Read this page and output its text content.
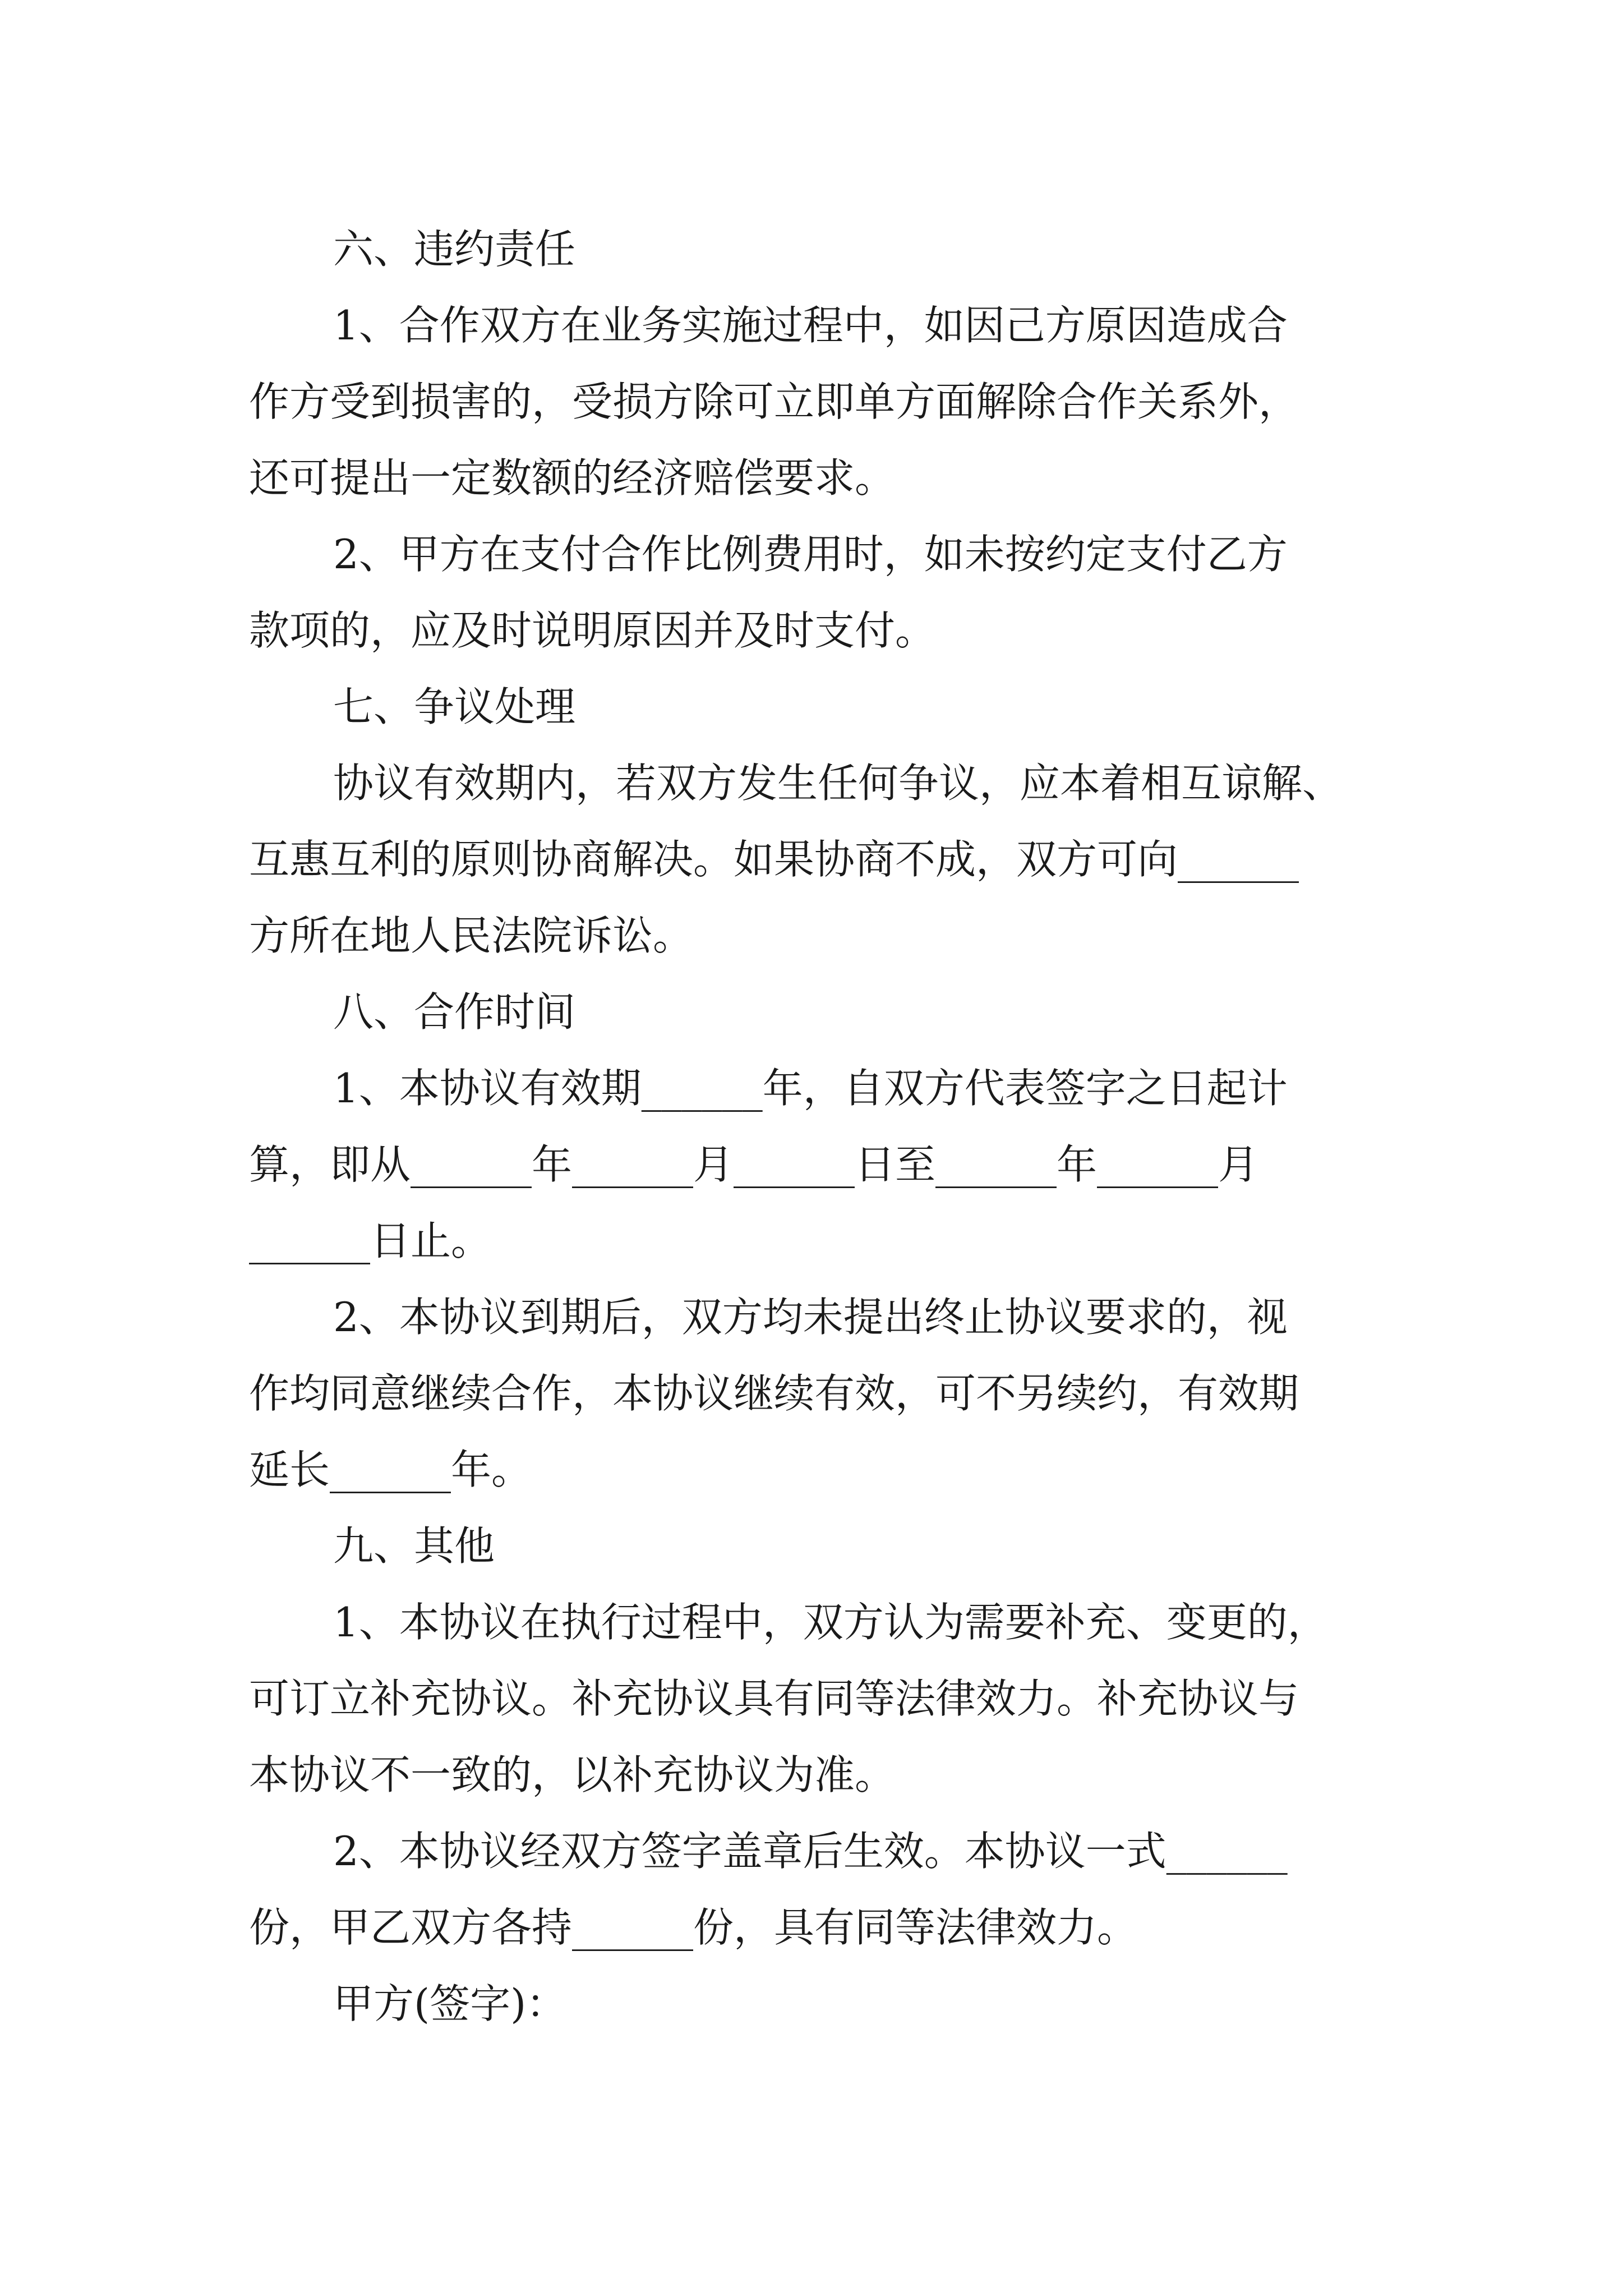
六、违约责任
1、合作双方在业务实施过程中，如因己方原因造成合
作方受到损害的，受损方除可立即单方面解除合作关系外，
还可提出一定数额的经济赔偿要求。
2、甲方在支付合作比例费用时，如未按约定支付乙方
款项的，应及时说明原因并及时支付。
七、争议处理
协议有效期内，若双方发生任何争议，应本着相互谅解、
互惠互利的原则协商解决。如果协商不成，双方可向______
方所在地人民法院诉讼。
八、合作时间
1、本协议有效期______年，自双方代表签字之日起计
算，即从______年______月______日至______年______月
______日止。
2、本协议到期后，双方均未提出终止协议要求的，视
作均同意继续合作，本协议继续有效，可不另续约，有效期
延长______年。
九、其他
1、本协议在执行过程中，双方认为需要补充、变更的，
可订立补充协议。补充协议具有同等法律效力。补充协议与
本协议不一致的，以补充协议为准。
2、本协议经双方签字盖章后生效。本协议一式______
份，甲乙双方各持______份，具有同等法律效力。
甲方(签字)：
